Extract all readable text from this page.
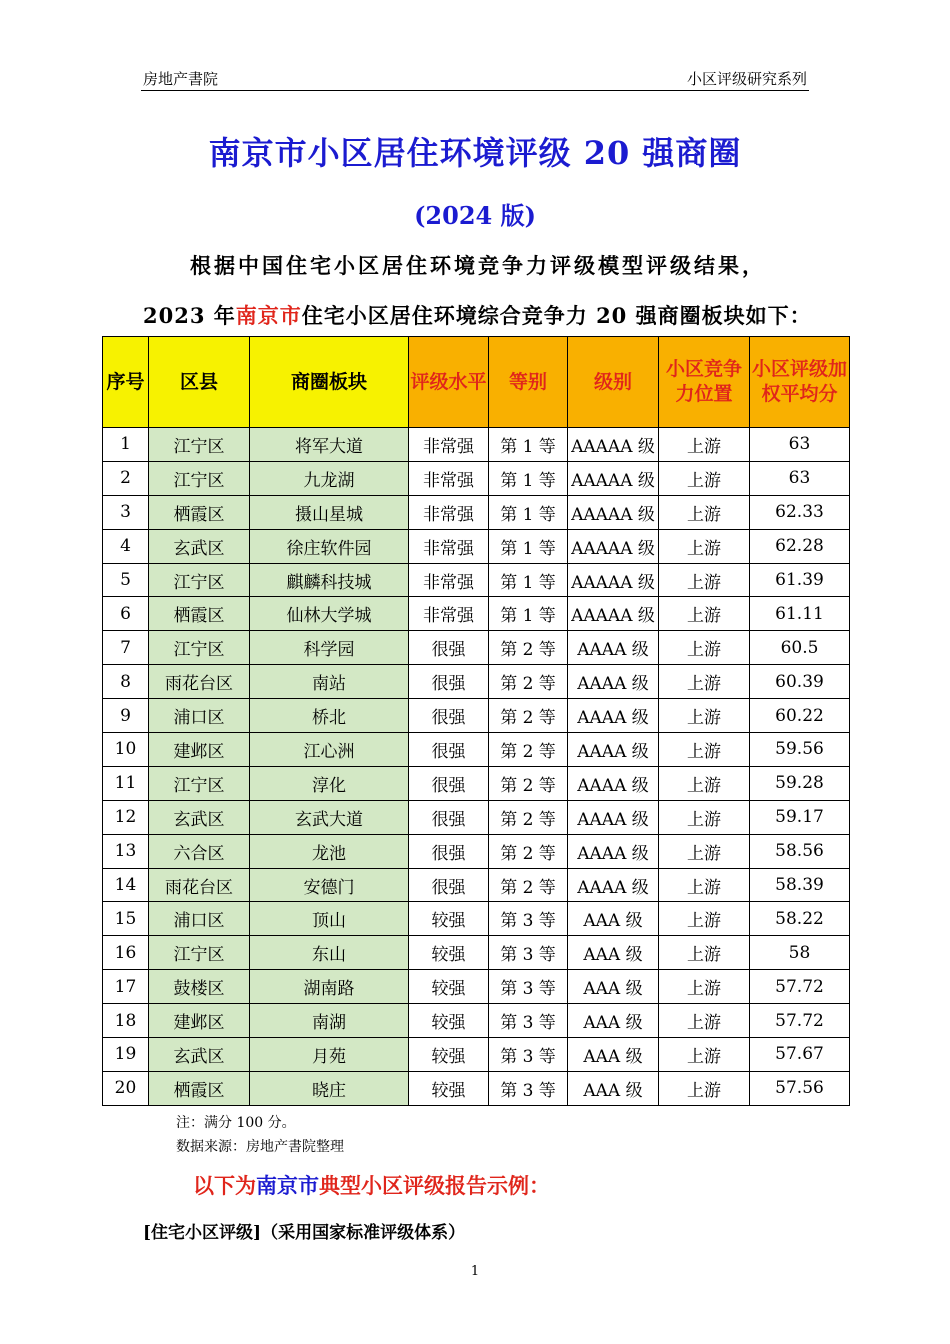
房地产書院	小区评级研究系列
南京市小区居住环境评级 20 强商圈
(2024 版)
根据中国住宅小区居住环境竞争力评级模型评级结果，
2023 年南京市住宅小区居住环境综合竞争力 20 强商圈板块如下：
序号	区县	商圈板块	评级水平	等别	级别	小区竞争力位置	小区评级加权平均分
1	江宁区	将军大道	非常强	第 1 等	AAAAA 级	上游	63
2	江宁区	九龙湖	非常强	第 1 等	AAAAA 级	上游	63
3	栖霞区	摄山星城	非常强	第 1 等	AAAAA 级	上游	62.33
4	玄武区	徐庄软件园	非常强	第 1 等	AAAAA 级	上游	62.28
5	江宁区	麒麟科技城	非常强	第 1 等	AAAAA 级	上游	61.39
6	栖霞区	仙林大学城	非常强	第 1 等	AAAAA 级	上游	61.11
7	江宁区	科学园	很强	第 2 等	AAAA 级	上游	60.5
8	雨花台区	南站	很强	第 2 等	AAAA 级	上游	60.39
9	浦口区	桥北	很强	第 2 等	AAAA 级	上游	60.22
10	建邺区	江心洲	很强	第 2 等	AAAA 级	上游	59.56
11	江宁区	淳化	很强	第 2 等	AAAA 级	上游	59.28
12	玄武区	玄武大道	很强	第 2 等	AAAA 级	上游	59.17
13	六合区	龙池	很强	第 2 等	AAAA 级	上游	58.56
14	雨花台区	安德门	很强	第 2 等	AAAA 级	上游	58.39
15	浦口区	顶山	较强	第 3 等	AAA 级	上游	58.22
16	江宁区	东山	较强	第 3 等	AAA 级	上游	58
17	鼓楼区	湖南路	较强	第 3 等	AAA 级	上游	57.72
18	建邺区	南湖	较强	第 3 等	AAA 级	上游	57.72
19	玄武区	月苑	较强	第 3 等	AAA 级	上游	57.67
20	栖霞区	晓庄	较强	第 3 等	AAA 级	上游	57.56
注：满分 100 分。
数据来源：房地产書院整理
以下为南京市典型小区评级报告示例：
[住宅小区评级]（采用国家标准评级体系）
1
